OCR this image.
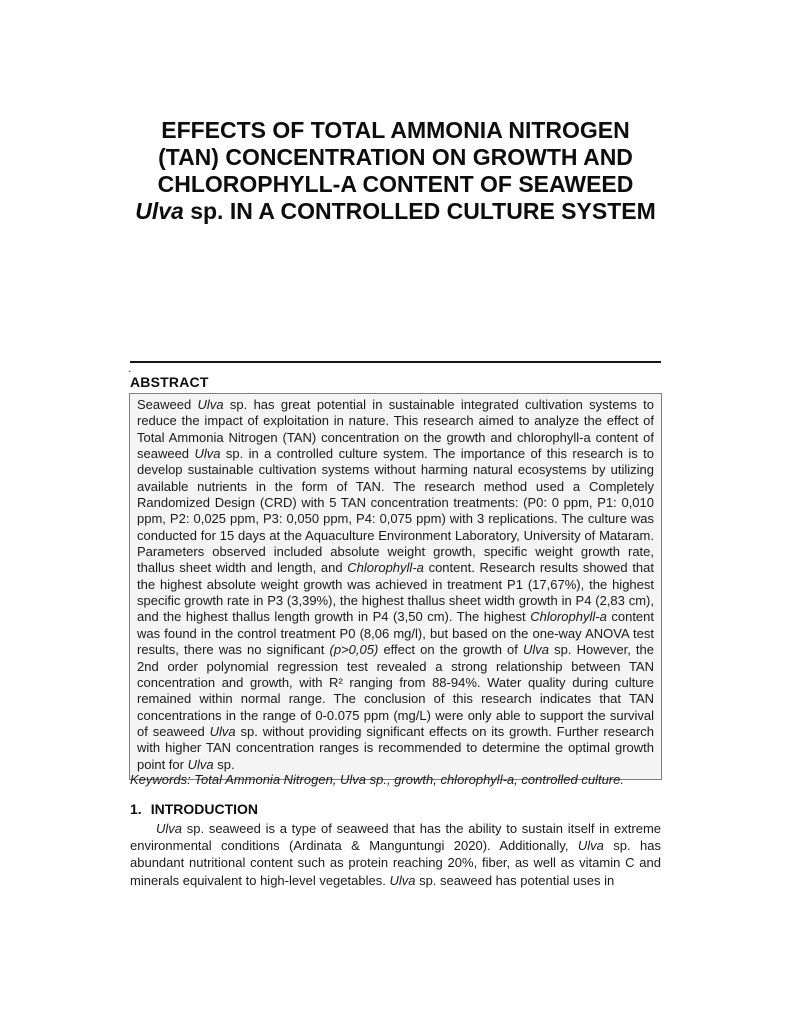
EFFECTS OF TOTAL AMMONIA NITROGEN
(TAN) CONCENTRATION ON GROWTH AND
CHLOROPHYLL-A CONTENT OF SEAWEED
Ulva sp. IN A CONTROLLED CULTURE SYSTEM
.
ABSTRACT

Seaweed Ulva sp. has great potential in sustainable integrated cultivation systems to reduce the impact of exploitation in nature. This research aimed to analyze the effect of Total Ammonia Nitrogen (TAN) concentration on the growth and chlorophyll-a content of seaweed Ulva sp. in a controlled culture system. The importance of this research is to develop sustainable cultivation systems without harming natural ecosystems by utilizing available nutrients in the form of TAN. The research method used a Completely Randomized Design (CRD) with 5 TAN concentration treatments: (P0: 0 ppm, P1: 0,010 ppm, P2: 0,025 ppm, P3: 0,050 ppm, P4: 0,075 ppm) with 3 replications. The culture was conducted for 15 days at the Aquaculture Environment Laboratory, University of Mataram. Parameters observed included absolute weight growth, specific weight growth rate, thallus sheet width and length, and Chlorophyll-a content. Research results showed that the highest absolute weight growth was achieved in treatment P1 (17,67%), the highest specific growth rate in P3 (3,39%), the highest thallus sheet width growth in P4 (2,83 cm), and the highest thallus length growth in P4 (3,50 cm). The highest Chlorophyll-a content was found in the control treatment P0 (8,06 mg/l), but based on the one-way ANOVA test results, there was no significant (p>0,05) effect on the growth of Ulva sp. However, the 2nd order polynomial regression test revealed a strong relationship between TAN concentration and growth, with R² ranging from 88-94%. Water quality during culture remained within normal range. The conclusion of this research indicates that TAN concentrations in the range of 0-0.075 ppm (mg/L) were only able to support the survival of seaweed Ulva sp. without providing significant effects on its growth. Further research with higher TAN concentration ranges is recommended to determine the optimal growth point for Ulva sp.

Keywords: Total Ammonia Nitrogen, Ulva sp., growth, chlorophyll-a, controlled culture.

1. INTRODUCTION

Ulva sp. seaweed is a type of seaweed that has the ability to sustain itself in extreme environmental conditions (Ardinata & Manguntungi 2020). Additionally, Ulva sp. has abundant nutritional content such as protein reaching 20%, fiber, as well as vitamin C and minerals equivalent to high-level vegetables. Ulva sp. seaweed has potential uses in
